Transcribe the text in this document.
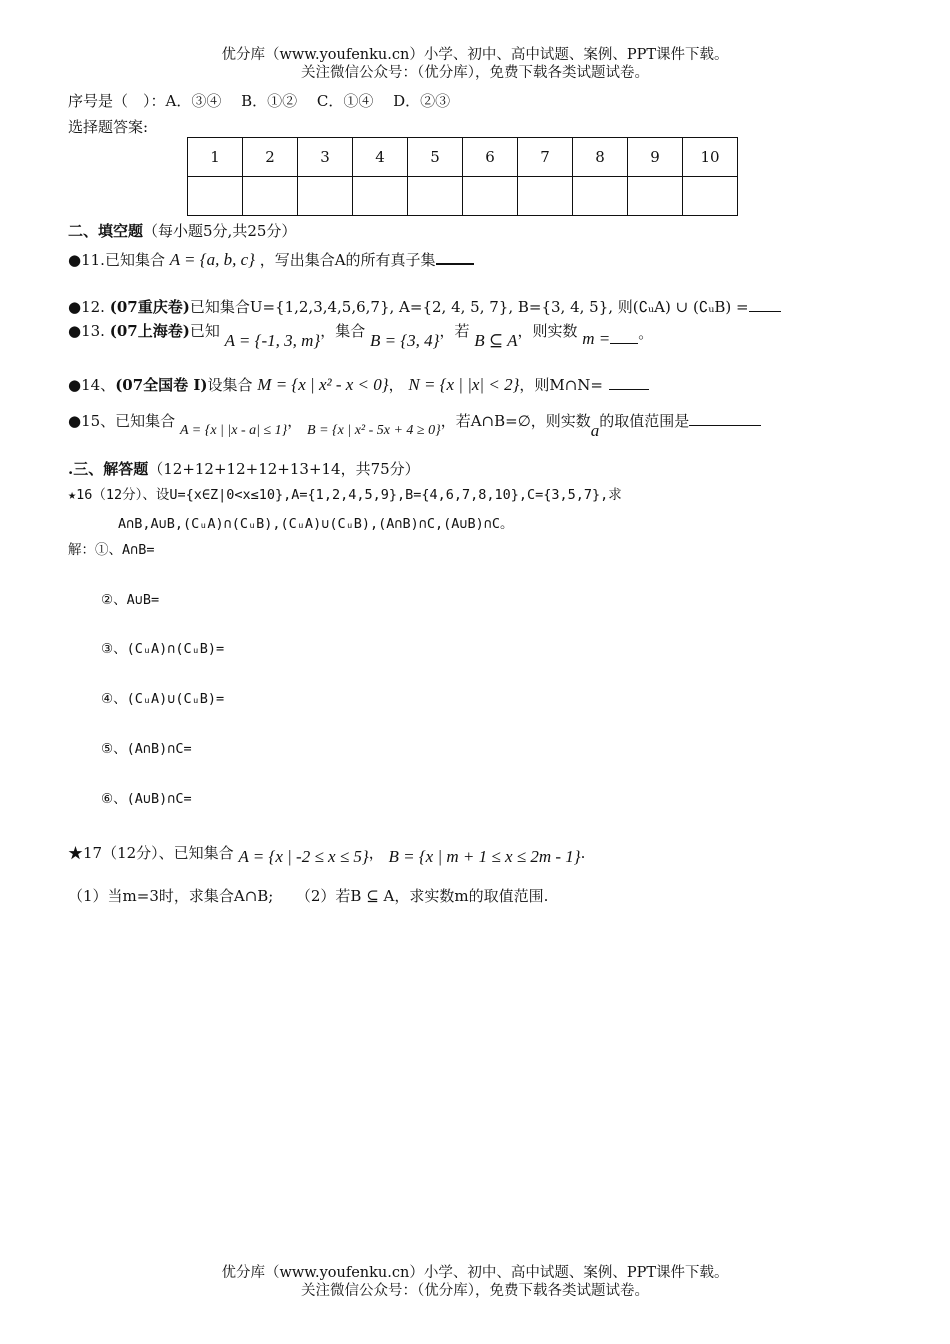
优分库（www.youfenku.cn）小学、初中、高中试题、案例、PPT课件下载。
关注微信公众号：（优分库），免费下载各类试题试卷。
序号是（　）：A．③④　 B．①②　 C．①④　 D．②③
选择题答案:
1	2	3	4	5	6	7	8	9	10

二、填空题（每小题5分,共25分）
●11.已知集合 A = {a, b, c} ，写出集合A的所有真子集
●12. (07重庆卷)已知集合U={1,2,3,4,5,6,7}, A={2, 4, 5, 7}, B={3, 4, 5}, 则(∁ᵤA) ∪ (∁ᵤB) =
●13. (07上海卷)已知 A = {-1, 3, m}，集合 B = {3, 4}，若 B ⊆ A，则实数 m = 。
●14、(07全国卷 I)设集合 M = {x | x² - x < 0}， N = {x | |x| < 2}，则M∩N=
●15、已知集合 A = {x | |x - a| ≤ 1}， B = {x | x² - 5x + 4 ≥ 0}，若A∩B=∅，则实数a的取值范围是
.三、解答题（12+12+12+12+13+14，共75分）
★16（12分）、设U={x∈Z|0<x≤10},A={1,2,4,5,9},B={4,6,7,8,10},C={3,5,7},求
A∩B,A∪B,(CᵤA)∩(CᵤB),(CᵤA)∪(CᵤB),(A∩B)∩C,(A∪B)∩C。
解：①、A∩B=
②、A∪B=
③、(CᵤA)∩(CᵤB)=
④、(CᵤA)∪(CᵤB)=
⑤、(A∩B)∩C=
⑥、(A∪B)∩C=
★17（12分）、已知集合 A = {x | -2 ≤ x ≤ 5}， B = {x | m + 1 ≤ x ≤ 2m - 1}.
（1）当m=3时，求集合A∩B;　　（2）若B ⊆ A，求实数m的取值范围.
优分库（www.youfenku.cn）小学、初中、高中试题、案例、PPT课件下载。
关注微信公众号：（优分库），免费下载各类试题试卷。
